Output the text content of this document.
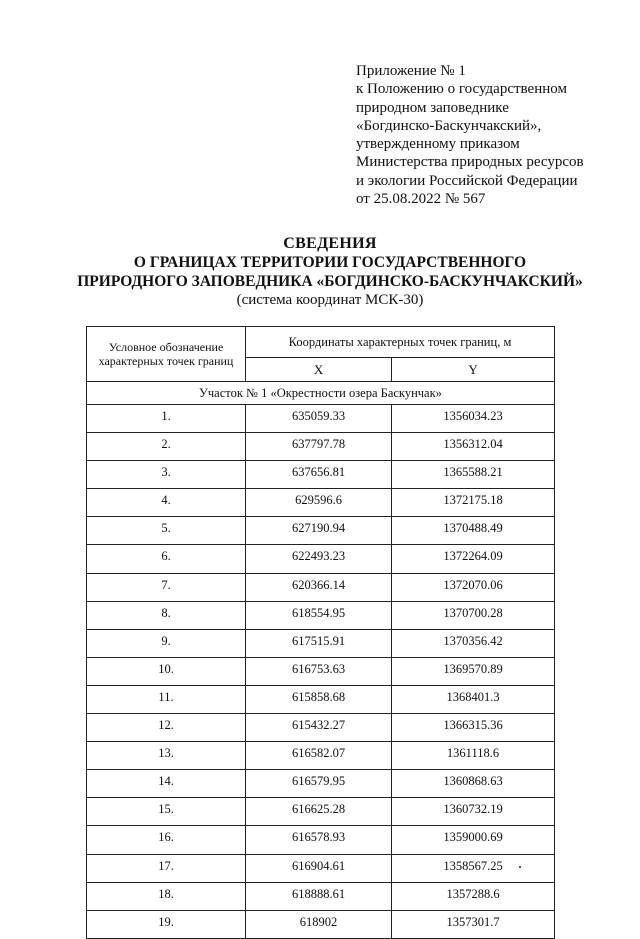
Приложение № 1
к Положению о государственном
природном заповеднике
«Богдинско-Баскунчакский»,
утвержденному приказом
Министерства природных ресурсов
и экологии Российской Федерации
от 25.08.2022 № 567
СВЕДЕНИЯ
О ГРАНИЦАХ ТЕРРИТОРИИ ГОСУДАРСТВЕННОГО
ПРИРОДНОГО ЗАПОВЕДНИКА «БОГДИНСКО-БАСКУНЧАКСКИЙ»
(система координат МСК-30)
Условное обозначение характерных точек границ	Координаты характерных точек границ, м	
	X	Y
Участок № 1 «Окрестности озера Баскунчак»		
1.	635059.33	1356034.23
2.	637797.78	1356312.04
3.	637656.81	1365588.21
4.	629596.6	1372175.18
5.	627190.94	1370488.49
6.	622493.23	1372264.09
7.	620366.14	1372070.06
8.	618554.95	1370700.28
9.	617515.91	1370356.42
10.	616753.63	1369570.89
11.	615858.68	1368401.3
12.	615432.27	1366315.36
13.	616582.07	1361118.6
14.	616579.95	1360868.63
15.	616625.28	1360732.19
16.	616578.93	1359000.69
17.	616904.61	1358567.25
18.	618888.61	1357288.6
19.	618902	1357301.7
